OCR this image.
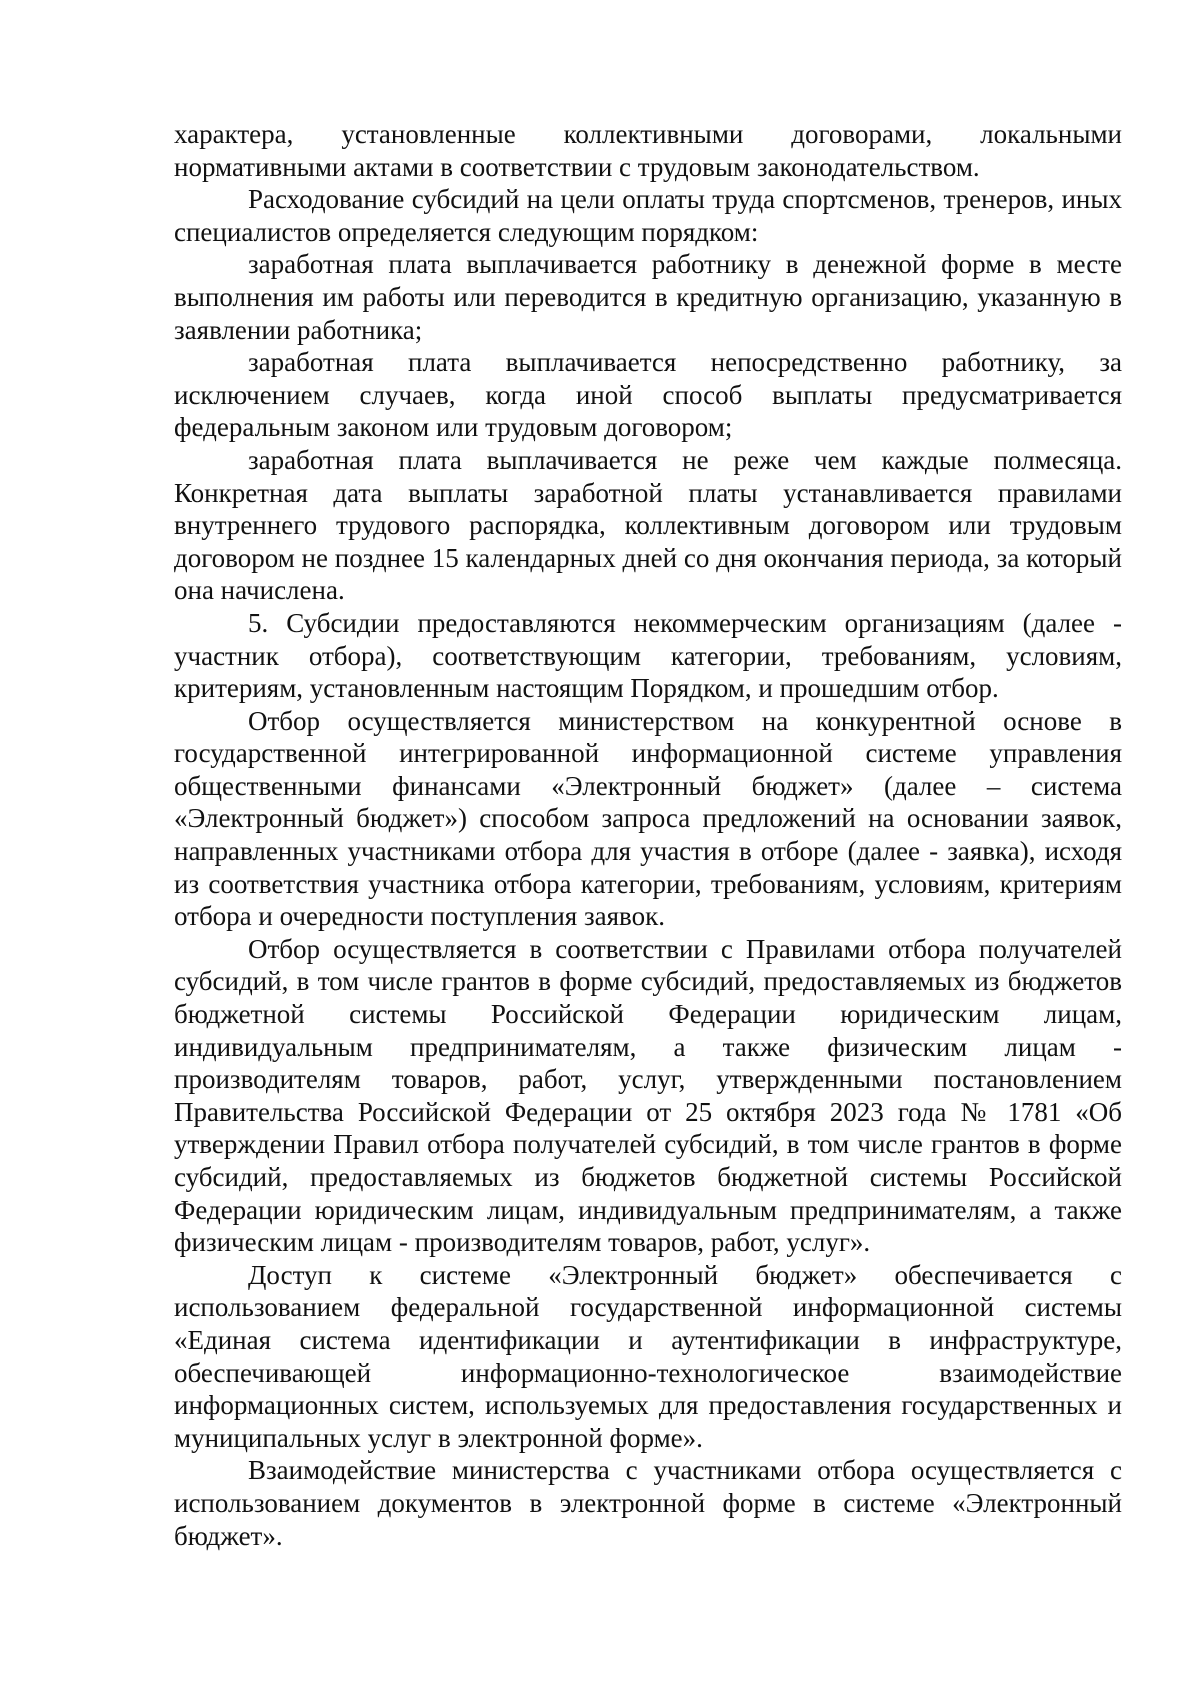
характера, установленные коллективными договорами, локальными нормативными актами в соответствии с трудовым законодательством.

Расходование субсидий на цели оплаты труда спортсменов, тренеров, иных специалистов определяется следующим порядком:

заработная плата выплачивается работнику в денежной форме в месте выполнения им работы или переводится в кредитную организацию, указанную в заявлении работника;

заработная плата выплачивается непосредственно работнику, за исключением случаев, когда иной способ выплаты предусматривается федеральным законом или трудовым договором;

заработная плата выплачивается не реже чем каждые полмесяца. Конкретная дата выплаты заработной платы устанавливается правилами внутреннего трудового распорядка, коллективным договором или трудовым договором не позднее 15 календарных дней со дня окончания периода, за который она начислена.

5. Субсидии предоставляются некоммерческим организациям (далее - участник отбора), соответствующим категории, требованиям, условиям, критериям, установленным настоящим Порядком, и прошедшим отбор.

Отбор осуществляется министерством на конкурентной основе в государственной интегрированной информационной системе управления общественными финансами «Электронный бюджет» (далее – система «Электронный бюджет») способом запроса предложений на основании заявок, направленных участниками отбора для участия в отборе (далее - заявка), исходя из соответствия участника отбора категории, требованиям, условиям, критериям отбора и очередности поступления заявок.

Отбор осуществляется в соответствии с Правилами отбора получателей субсидий, в том числе грантов в форме субсидий, предоставляемых из бюджетов бюджетной системы Российской Федерации юридическим лицам, индивидуальным предпринимателям, а также физическим лицам - производителям товаров, работ, услуг, утвержденными постановлением Правительства Российской Федерации от 25 октября 2023 года № 1781 «Об утверждении Правил отбора получателей субсидий, в том числе грантов в форме субсидий, предоставляемых из бюджетов бюджетной системы Российской Федерации юридическим лицам, индивидуальным предпринимателям, а также физическим лицам - производителям товаров, работ, услуг».

Доступ к системе «Электронный бюджет» обеспечивается с использованием федеральной государственной информационной системы «Единая система идентификации и аутентификации в инфраструктуре, обеспечивающей информационно-технологическое взаимодействие информационных систем, используемых для предоставления государственных и муниципальных услуг в электронной форме».

Взаимодействие министерства с участниками отбора осуществляется с использованием документов в электронной форме в системе «Электронный бюджет».
